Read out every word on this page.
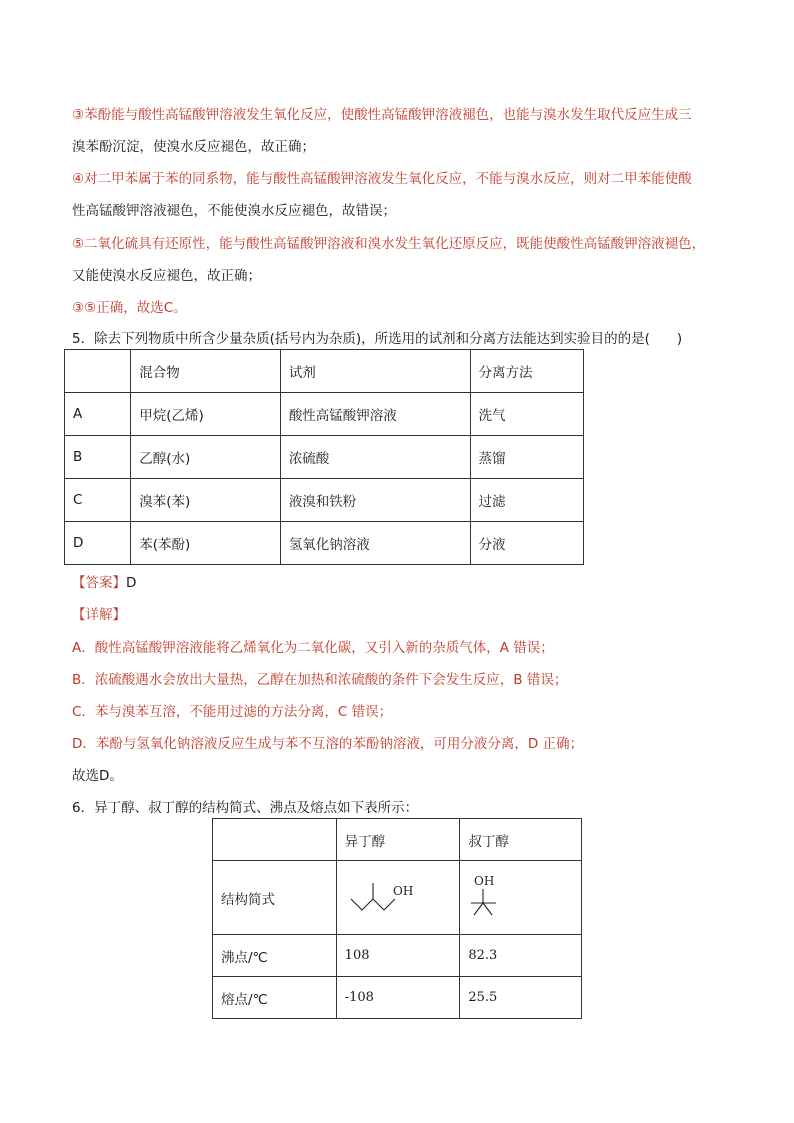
③苯酚能与酸性高锰酸钾溶液发生氧化反应，使酸性高锰酸钾溶液褪色，也能与溴水发生取代反应生成三
溴苯酚沉淀，使溴水反应褪色，故正确；
④对二甲苯属于苯的同系物，能与酸性高锰酸钾溶液发生氧化反应，不能与溴水反应，则对二甲苯能使酸
性高锰酸钾溶液褪色，不能使溴水反应褪色，故错误；
⑤二氧化硫具有还原性，能与酸性高锰酸钾溶液和溴水发生氧化还原反应，既能使酸性高锰酸钾溶液褪色，
又能使溴水反应褪色，故正确；
③⑤正确，故选C。
5．除去下列物质中所含少量杂质(括号内为杂质)，所选用的试剂和分离方法能达到实验目的的是(　　)
	混合物	试剂	分离方法
A	甲烷(乙烯)	酸性高锰酸钾溶液	洗气
B	乙醇(水)	浓硫酸	蒸馏
C	溴苯(苯)	液溴和铁粉	过滤
D	苯(苯酚)	氢氧化钠溶液	分液
【答案】D
【详解】
A．酸性高锰酸钾溶液能将乙烯氧化为二氧化碳，又引入新的杂质气体，A 错误；
B．浓硫酸遇水会放出大量热，乙醇在加热和浓硫酸的条件下会发生反应，B 错误；
C．苯与溴苯互溶，不能用过滤的方法分离，C 错误；
D．苯酚与氢氧化钠溶液反应生成与苯不互溶的苯酚钠溶液，可用分液分离，D 正确；
故选D。
6．异丁醇、叔丁醇的结构简式、沸点及熔点如下表所示：
	异丁醇	叔丁醇
结构简式	OH	OH

沸点/℃	108	82.3
熔点/℃	-108	25.5
